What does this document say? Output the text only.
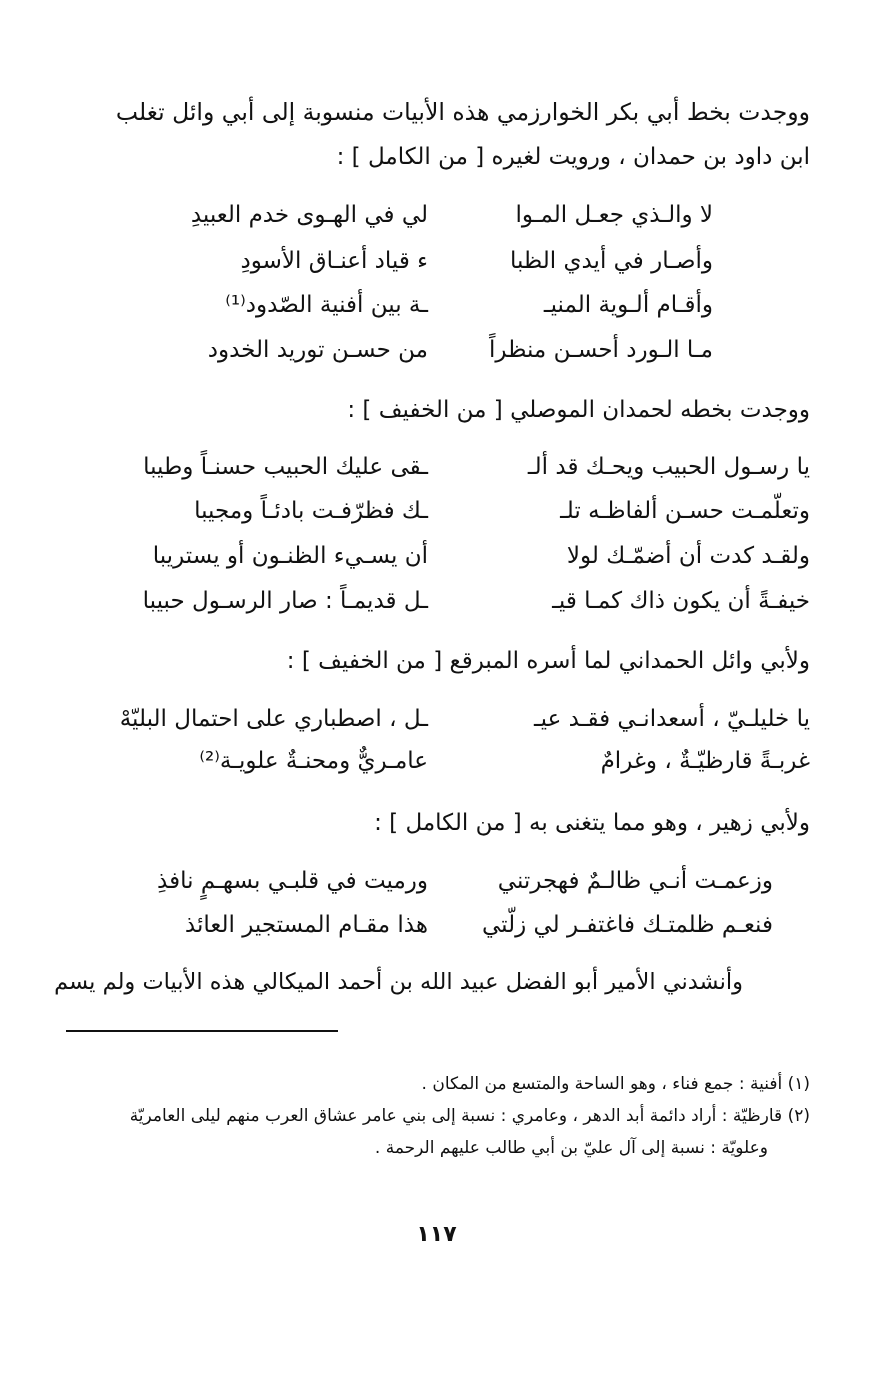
ووجدت بخط أبي بكر الخوارزمي هذه الأبيات منسوبة إلى أبي وائل تغلب
ابن داود بن حمدان ، ورويت لغيره [ من الكامل ] :
لا والـذي جعـل المـوا
لي في الهـوى خدم العبيدِ
وأصـار في أيدي الظبا
ء قياد أعنـاق الأسودِ
وأقـام ألـوية المنيـ
ـة بين أفنية الصّدود⁽¹⁾
مـا الـورد أحسـن منظراً
من حسـن توريد الخدود
ووجدت بخطه لحمدان الموصلي [ من الخفيف ] :
يا رسـول الحبيب ويحـك قد ألـ
ـقى عليك الحبيب حسنـاً وطيبا
وتعلّمـت حسـن ألفاظـه تلـ
ـك فظرّفـت بادئـاً ومجيبا
ولقـد كدت أن أضمّـك لولا
أن يسـيء الظنـون أو يستريبا
خيفـةً أن يكون ذاك كمـا قيـ
ـل قديمـاً : صار الرسـول حبيبا
ولأبي وائل الحمداني لما أسره المبرقع [ من الخفيف ] :
يا خليلـيّ ، أسعدانـي فقـد عيـ
ـل ، اصطباري على احتمال البليّهْ
غربـةً قارظيّـةٌ ، وغرامٌ
عامـريٌّ ومحنـةٌ علويـة⁽²⁾
ولأبي زهير ، وهو مما يتغنى به [ من الكامل ] :
وزعمـت أنـي ظالـمٌ فهجرتني
ورميت في قلبـي بسهـمٍ نافذِ
فنعـم ظلمتـك فاغتفـر لي زلّتي
هذا مقـام المستجير العائذ
وأنشدني الأمير أبو الفضل عبيد الله بن أحمد الميكالي هذه الأبيات ولم يسم
(١) أفنية : جمع فناء ، وهو الساحة والمتسع من المكان .
(٢) قارظيّة : أراد دائمة أبد الدهر ، وعامري : نسبة إلى بني عامر عشاق العرب منهم ليلى العامريّة
وعلويّة : نسبة إلى آل عليّ بن أبي طالب عليهم الرحمة .
١١٧
